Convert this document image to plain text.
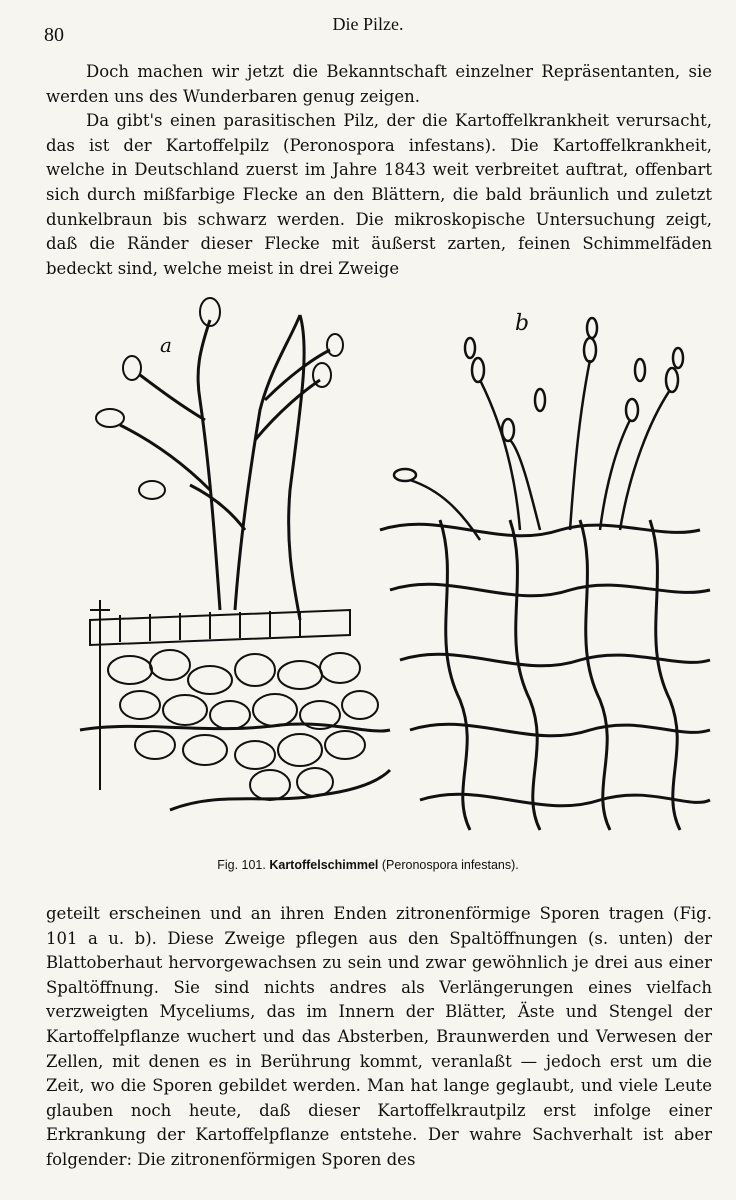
80	Die Pilze.

Doch machen wir jetzt die Bekanntschaft einzelner Repräsentanten, sie werden uns des Wunderbaren genug zeigen.

Da gibt's einen parasitischen Pilz, der die Kartoffelkrankheit verursacht, das ist der Kartoffelpilz (Peronospora infestans). Die Kartoffelkrankheit, welche in Deutschland zuerst im Jahre 1843 weit verbreitet auftrat, offenbart sich durch mißfarbige Flecke an den Blättern, die bald bräunlich und zuletzt dunkelbraun bis schwarz werden. Die mikroskopische Untersuchung zeigt, daß die Ränder dieser Flecke mit äußerst zarten, feinen Schimmelfäden bedeckt sind, welche meist in drei Zweige

a
b
Fig. 101. Kartoffelschimmel (Peronospora infestans).

geteilt erscheinen und an ihren Enden zitronenförmige Sporen tragen (Fig. 101 a u. b). Diese Zweige pflegen aus den Spaltöffnungen (s. unten) der Blattoberhaut hervorgewachsen zu sein und zwar gewöhnlich je drei aus einer Spaltöffnung. Sie sind nichts andres als Verlängerungen eines vielfach verzweigten Myceliums, das im Innern der Blätter, Äste und Stengel der Kartoffelpflanze wuchert und das Absterben, Braunwerden und Verwesen der Zellen, mit denen es in Berührung kommt, veranlaßt — jedoch erst um die Zeit, wo die Sporen gebildet werden. Man hat lange geglaubt, und viele Leute glauben noch heute, daß dieser Kartoffelkrautpilz erst infolge einer Erkrankung der Kartoffelpflanze entstehe. Der wahre Sachverhalt ist aber folgender: Die zitronenförmigen Sporen des
